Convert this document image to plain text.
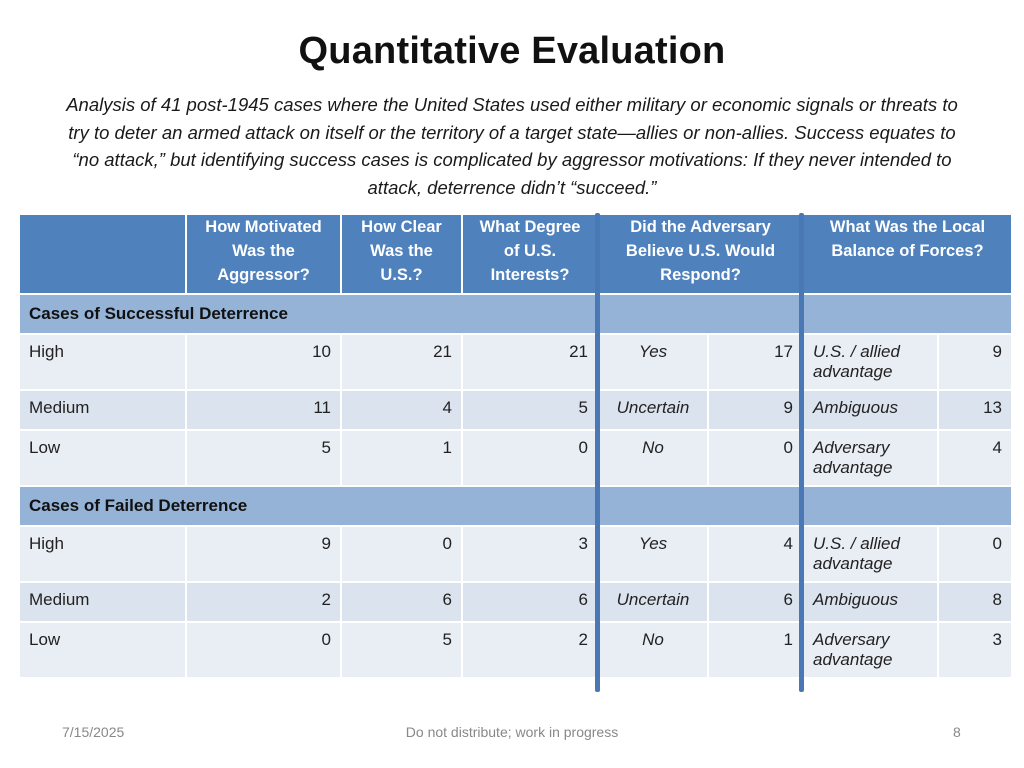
Quantitative Evaluation
Analysis of 41 post-1945 cases where the United States used either military or economic signals or threats to try to deter an armed attack on itself or the territory of a target state—allies or non-allies. Success equates to “no attack,” but identifying success cases is complicated by aggressor motivations: If they never intended to attack, deterrence didn’t “succeed.”
	How Motivated Was the Aggressor?	How Clear Was the U.S.?	What Degree of U.S. Interests?	Did the Adversary Believe U.S. Would Respond?		What Was the Local Balance of Forces?	
Cases of Successful Deterrence							
High	10	21	21	Yes	17	U.S. / allied advantage	9
Medium	11	4	5	Uncertain	9	Ambiguous	13
Low	5	1	0	No	0	Adversary advantage	4
Cases of Failed Deterrence							
High	9	0	3	Yes	4	U.S. / allied advantage	0
Medium	2	6	6	Uncertain	6	Ambiguous	8
Low	0	5	2	No	1	Adversary advantage	3
7/15/2025	Do not distribute; work in progress	8
